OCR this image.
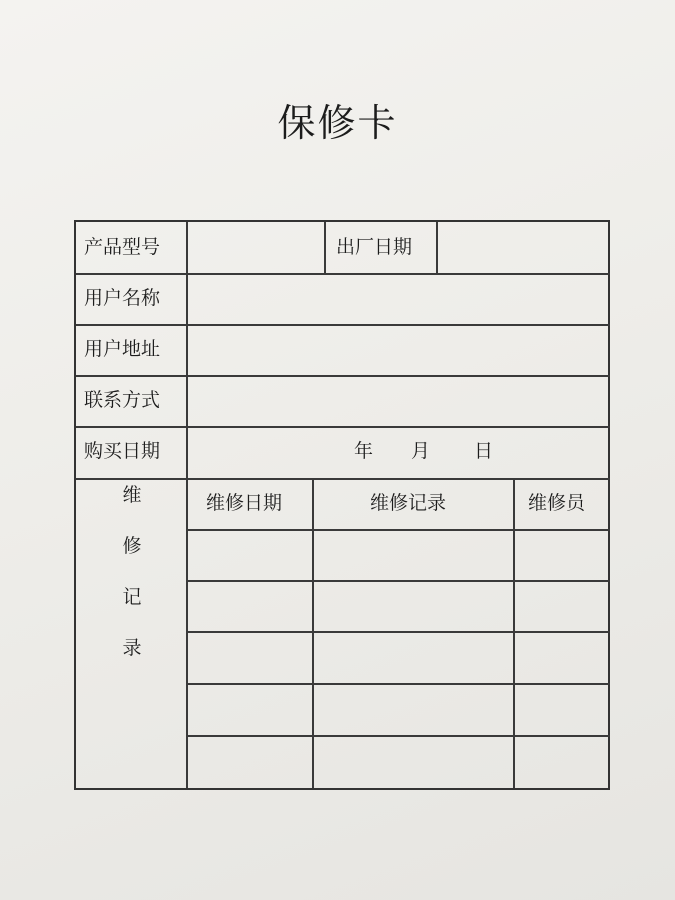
保修卡
产品型号	出厂日期
用户名称
用户地址
联系方式
购买日期	年 月 日
维修日期	维修记录	维修员
维
修
记
录
